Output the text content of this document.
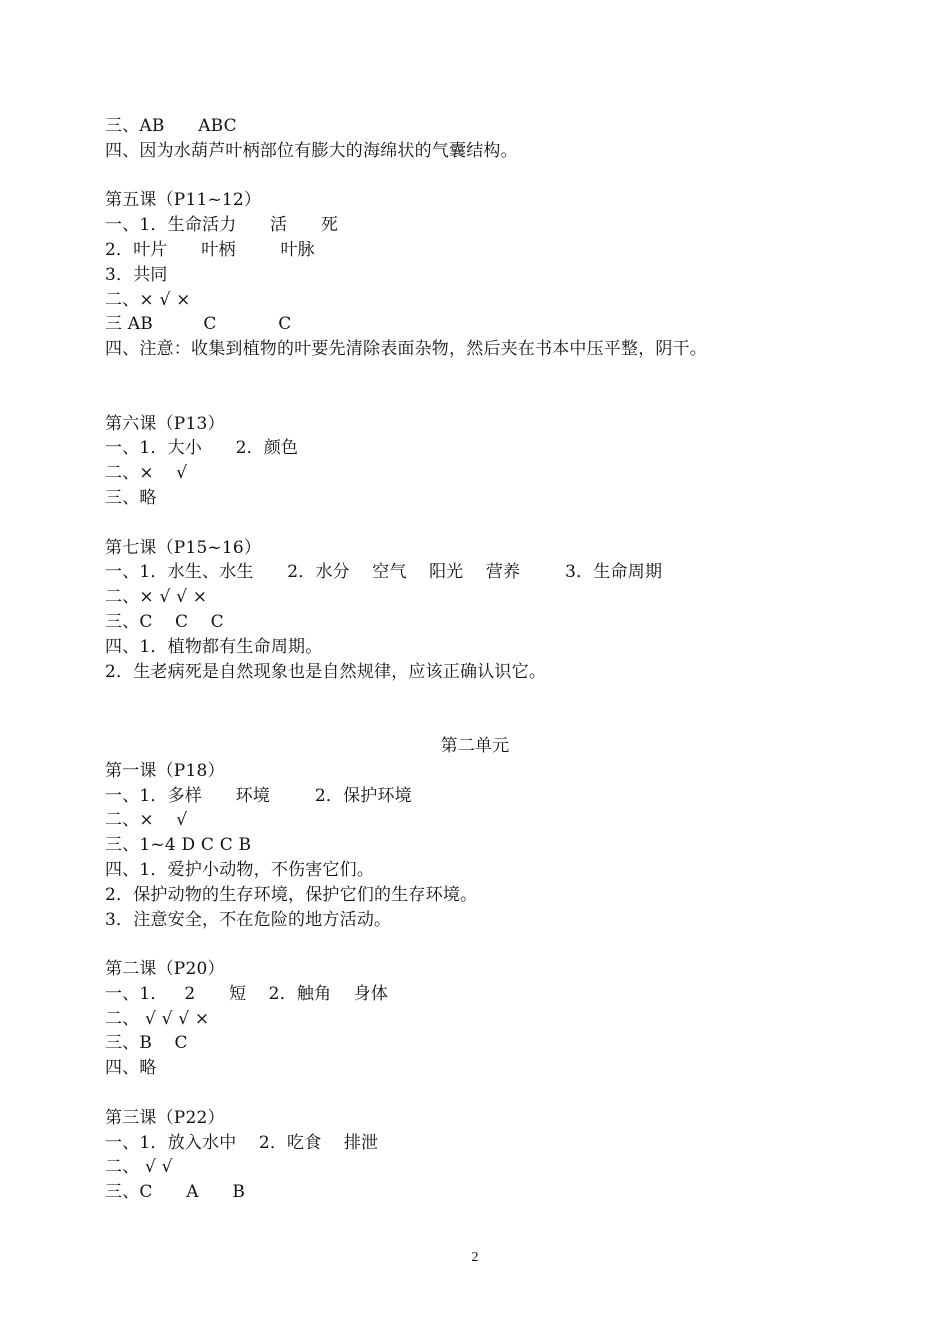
三、AB      ABC
四、因为水葫芦叶柄部位有膨大的海绵状的气囊结构。
第五课（P11~12）
一、1．生命活力      活      死
2．叶片      叶柄        叶脉
3．共同
二、× √ ×
三 AB         C           C
四、注意：收集到植物的叶要先清除表面杂物，然后夹在书本中压平整，阴干。
第六课（P13）
一、1．大小      2．颜色
二、×    √
三、略
第七课（P15~16）
一、1．水生、水生      2．水分    空气    阳光    营养        3．生命周期
二、× √ √ ×
三、C    C    C
四、1．植物都有生命周期。
2．生老病死是自然现象也是自然规律，应该正确认识它。
第二单元
第一课（P18）
一、1．多样      环境        2．保护环境
二、×    √
三、1~4 D C C B
四、1．爱护小动物，不伤害它们。
2．保护动物的生存环境，保护它们的生存环境。
3．注意安全，不在危险的地方活动。
第二课（P20）
一、1．   2      短    2．触角    身体
二、 √ √ √ ×
三、B    C
四、略
第三课（P22）
一、1．放入水中    2．吃食    排泄
二、 √ √
三、C      A      B
2
